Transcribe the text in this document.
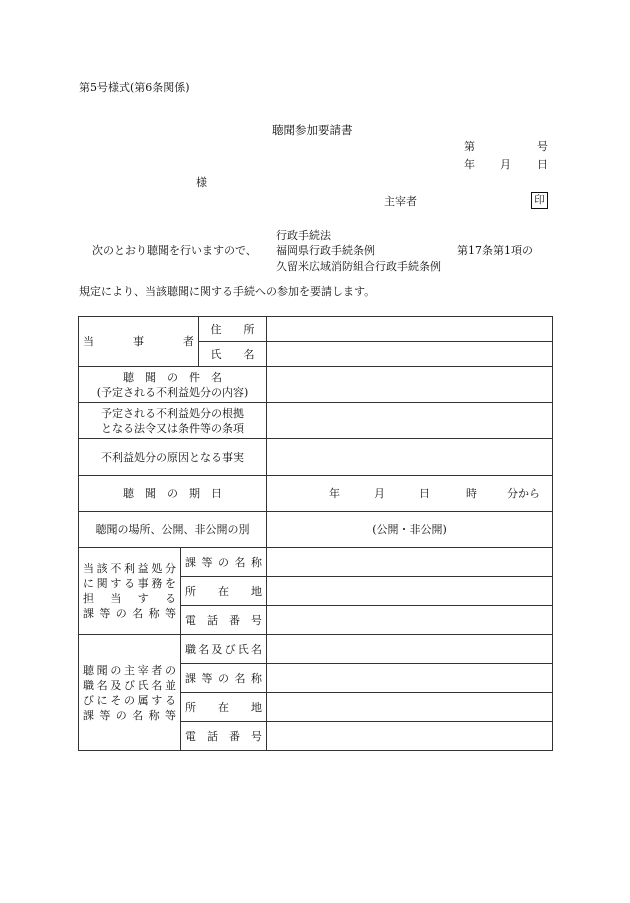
第5号様式(第6条関係)
聴聞参加要請書
第	号
年 月 日
様
主宰者	印
次のとおり聴聞を行いますので、
行政手続法
福岡県行政手続条例
久留米広域消防組合行政手続条例
第17条第1項の
規定により、当該聴聞に関する手続への参加を要請します。
当　　事　　者		住　　所	
		氏　　名	

聴　聞　の　件　名
(予定される不利益処分の内容)			

予定される不利益処分の根拠
となる法令又は条件等の条項			

不利益処分の原因となる事実			
聴　聞　の　期　日			年 月 日 時 分から
聴聞の場所、公開、非公開の別			(公開・非公開)

当該不利益処分
に関する事務を
担　当　す　る
課等の名称等	課等の名称		
	所　在　地		
	電話番号		

聴聞の主宰者の
職名及び氏名並
びにその属する
課等の名称等	職名及び氏名		
	課等の名称		
	所　在　地		
	電話番号		
